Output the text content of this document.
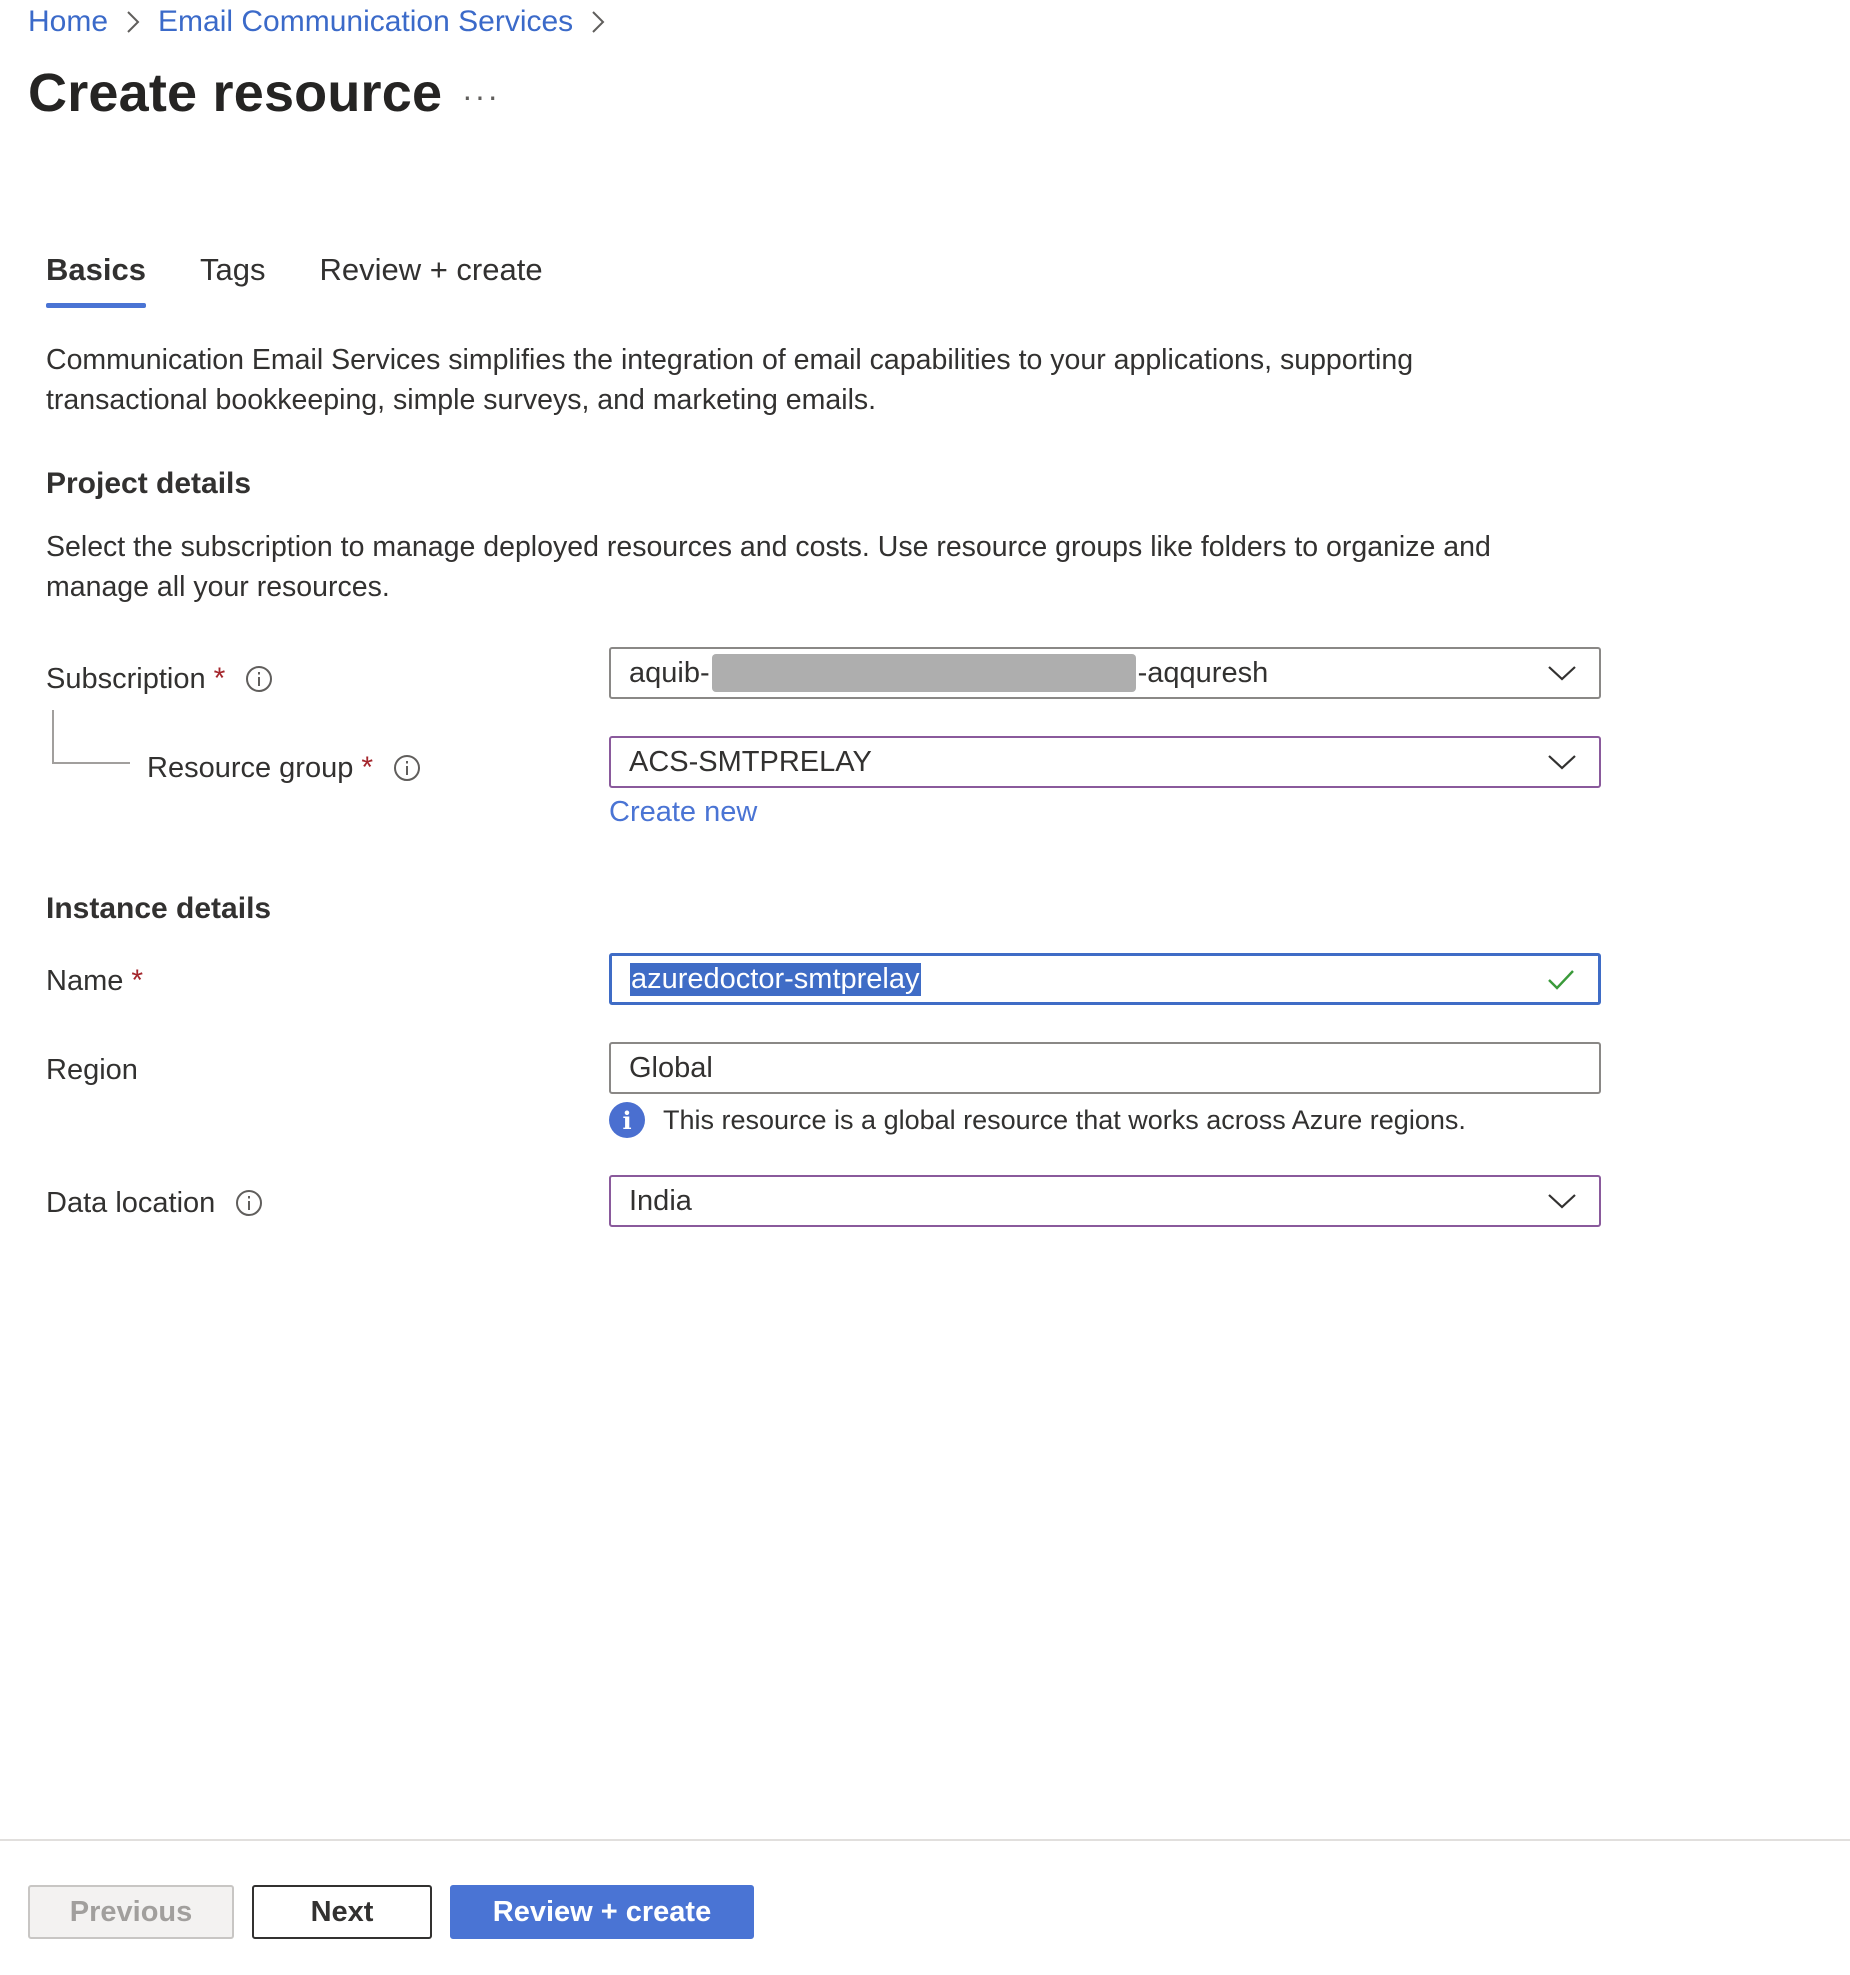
Home Email Communication Services
Create resource ···
Basics Tags Review + create

Communication Email Services simplifies the integration of email capabilities to your applications, supporting transactional bookkeeping, simple surveys, and marketing emails.

Project details

Select the subscription to manage deployed resources and costs. Use resource groups like folders to organize and manage all your resources.

Subscription *	aquib-	-aqquresh
Resource group *	ACS-SMTPRELAY
Create new
Instance details
Name *	azuredoctor-smtprelay
Region	Global
i	This resource is a global resource that works across Azure regions.
Data location	India
Previous	Next	Review + create
